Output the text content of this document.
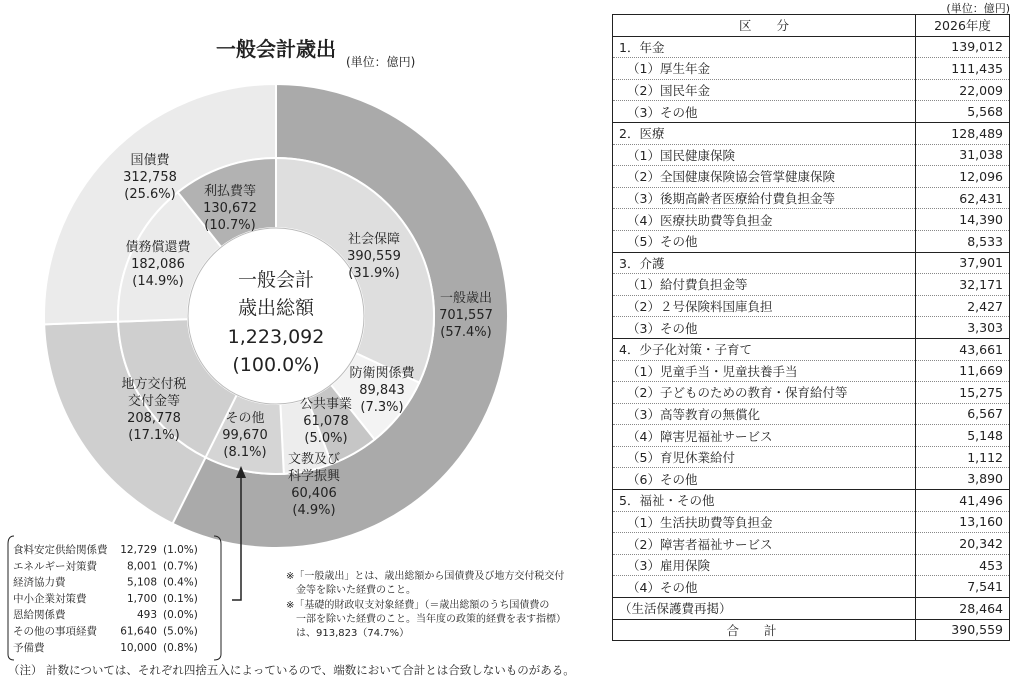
一般会計歳出
(単位：億円)
一般会計
歳出総額
1,223,092
(100.0%)
一般歳出
701,557
(57.4%)
地方交付税
交付金等
208,778
(17.1%)
国債費
312,758
(25.6%)
社会保障
390,559
(31.9%)
防衛関係費
89,843
(7.3%)
公共事業
61,078
(5.0%)
文教及び
科学振興
60,406
(4.9%)
その他
99,670
(8.1%)
債務償還費
182,086
(14.9%)
利払費等
130,672
(10.7%)
食料安定供給関係費 12,729 (1.0%)
エネルギー対策費	8,001 (0.7%)
経済協力費	5,108 (0.4%)
中小企業対策費	1,700 (0.1%)
恩給関係費	493 (0.0%)
その他の事項経費 61,640 (5.0%)
予備費	10,000 (0.8%)
※「一般歳出」とは、歳出総額から国債費及び地方交付税交付
　金等を除いた経費のこと。
※「基礎的財政収支対象経費」（＝歳出総額のうち国債費の
　一部を除いた経費のこと。当年度の政策的経費を表す指標）
　は、913,823（74.7%）
（注） 計数については、それぞれ四捨五入によっているので、端数において合計とは合致しないものがある。
(単位：億円)
区　　分	2026年度
1．年金	139,012
（1）厚生年金	111,435
（2）国民年金	22,009
（3）その他	5,568
2．医療	128,489
（1）国民健康保険	31,038
（2）全国健康保険協会管掌健康保険	12,096
（3）後期高齢者医療給付費負担金等	62,431
（4）医療扶助費等負担金	14,390
（5）その他	8,533
3．介護	37,901
（1）給付費負担金等	32,171
（2）２号保険料国庫負担	2,427
（3）その他	3,303
4．少子化対策・子育て	43,661
（1）児童手当・児童扶養手当	11,669
（2）子どものための教育・保育給付等	15,275
（3）高等教育の無償化	6,567
（4）障害児福祉サービス	5,148
（5）育児休業給付	1,112
（6）その他	3,890
5．福祉・その他	41,496
（1）生活扶助費等負担金	13,160
（2）障害者福祉サービス	20,342
（3）雇用保険	453
（4）その他	7,541
（生活保護費再掲）	28,464
合計	390,559
